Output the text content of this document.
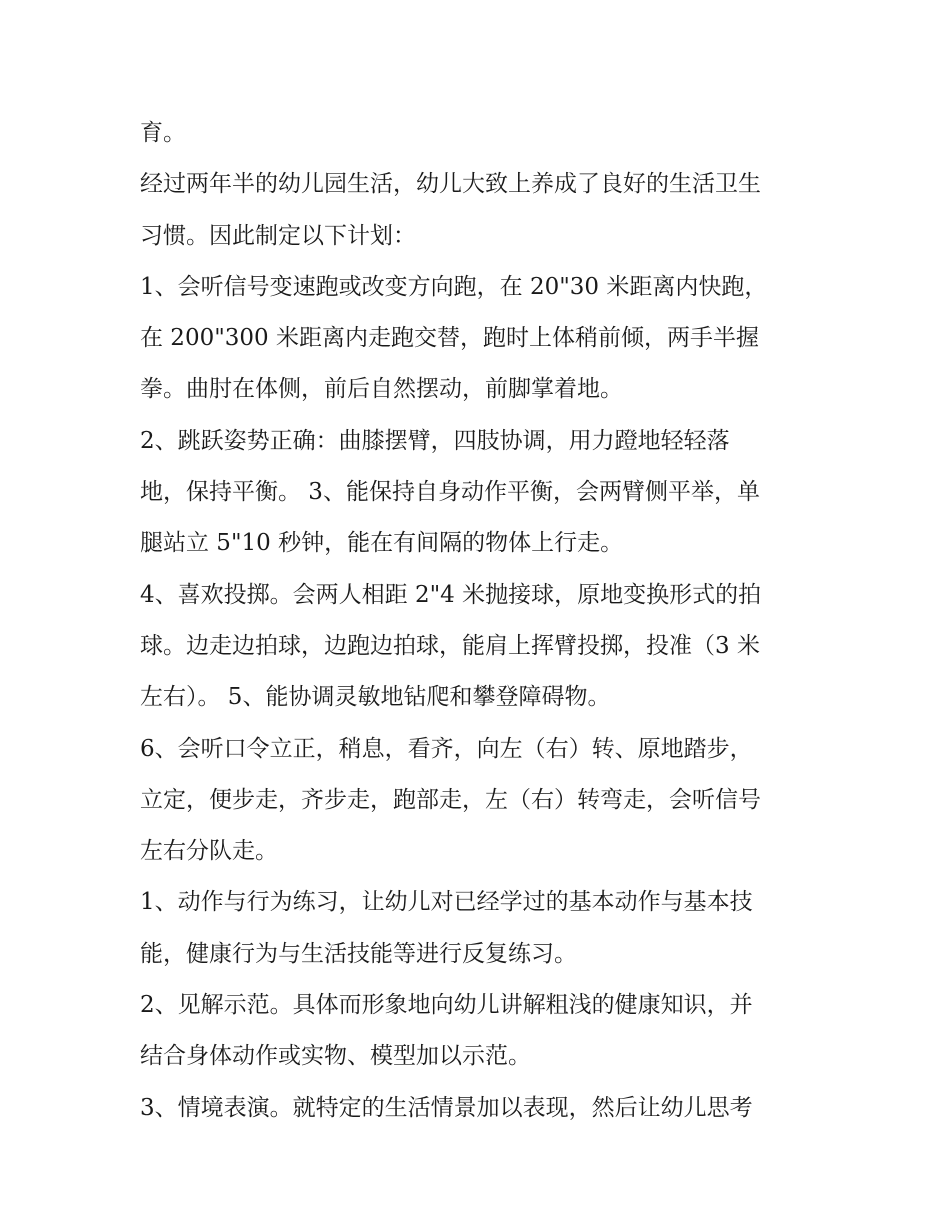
育。
经过两年半的幼儿园生活，幼儿大致上养成了良好的生活卫生
习惯。因此制定以下计划：
1、会听信号变速跑或改变方向跑，在 20"30 米距离内快跑，
在 200"300 米距离内走跑交替，跑时上体稍前倾，两手半握
拳。曲肘在体侧，前后自然摆动，前脚掌着地。
2、跳跃姿势正确：曲膝摆臂，四肢协调，用力蹬地轻轻落
地，保持平衡。 3、能保持自身动作平衡，会两臂侧平举，单
腿站立 5"10 秒钟，能在有间隔的物体上行走。
4、喜欢投掷。会两人相距 2"4 米抛接球，原地变换形式的拍
球。边走边拍球，边跑边拍球，能肩上挥臂投掷，投准（3 米
左右）。 5、能协调灵敏地钻爬和攀登障碍物。
6、会听口令立正，稍息，看齐，向左（右）转、原地踏步，
立定，便步走，齐步走，跑部走，左（右）转弯走，会听信号
左右分队走。
1、动作与行为练习，让幼儿对已经学过的基本动作与基本技
能，健康行为与生活技能等进行反复练习。
2、见解示范。具体而形象地向幼儿讲解粗浅的健康知识，并
结合身体动作或实物、模型加以示范。
3、情境表演。就特定的生活情景加以表现，然后让幼儿思考
